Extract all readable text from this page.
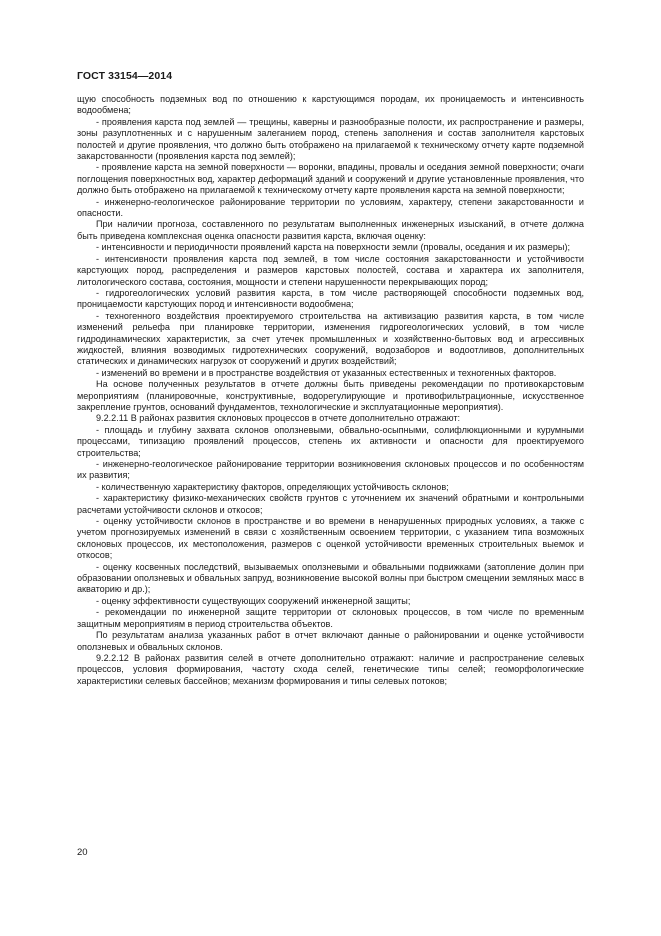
ГОСТ 33154—2014

щую способность подземных вод по отношению к карстующимся породам, их проницаемость и интенсивность водообмена;

- проявления карста под землей — трещины, каверны и разнообразные полости, их распространение и размеры, зоны разуплотненных и с нарушенным залеганием пород, степень заполнения и состав заполнителя карстовых полостей и другие проявления, что должно быть отображено на прилагаемой к техническому отчету карте подземной закарстованности (проявления карста под землей);

- проявление карста на земной поверхности — воронки, впадины, провалы и оседания земной поверхности; очаги поглощения поверхностных вод, характер деформаций зданий и сооружений и другие установленные проявления, что должно быть отображено на прилагаемой к техническому отчету карте проявления карста на земной поверхности;

- инженерно-геологическое районирование территории по условиям, характеру, степени закарстованности и опасности.

При наличии прогноза, составленного по результатам выполненных инженерных изысканий, в отчете должна быть приведена комплексная оценка опасности развития карста, включая оценку:

- интенсивности и периодичности проявлений карста на поверхности земли (провалы, оседания и их размеры);

- интенсивности проявления карста под землей, в том числе состояния закарстованности и устойчивости карстующих пород, распределения и размеров карстовых полостей, состава и характера их заполнителя, литологического состава, состояния, мощности и степени нарушенности перекрывающих пород;

- гидрогеологических условий развития карста, в том числе растворяющей способности подземных вод, проницаемости карстующих пород и интенсивности водообмена;

- техногенного воздействия проектируемого строительства на активизацию развития карста, в том числе изменений рельефа при планировке территории, изменения гидрогеологических условий, в том числе гидродинамических характеристик, за счет утечек промышленных и хозяйственно-бытовых вод и агрессивных жидкостей, влияния возводимых гидротехнических сооружений, водозаборов и водоотливов, дополнительных статических и динамических нагрузок от сооружений и других воздействий;

- изменений во времени и в пространстве воздействия от указанных естественных и техногенных факторов.

На основе полученных результатов в отчете должны быть приведены рекомендации по противокарстовым мероприятиям (планировочные, конструктивные, водорегулирующие и противофильтрационные, искусственное закрепление грунтов, оснований фундаментов, технологические и эксплуатационные мероприятия).

9.2.2.11 В районах развития склоновых процессов в отчете дополнительно отражают:

- площадь и глубину захвата склонов оползневыми, обвально-осыпными, солифлюкционными и курумными процессами, типизацию проявлений процессов, степень их активности и опасности для проектируемого строительства;

- инженерно-геологическое районирование территории возникновения склоновых процессов и по особенностям их развития;

- количественную характеристику факторов, определяющих устойчивость склонов;

- характеристику физико-механических свойств грунтов с уточнением их значений обратными и контрольными расчетами устойчивости склонов и откосов;

- оценку устойчивости склонов в пространстве и во времени в ненарушенных природных условиях, а также с учетом прогнозируемых изменений в связи с хозяйственным освоением территории, с указанием типа возможных склоновых процессов, их местоположения, размеров с оценкой устойчивости временных строительных выемок и откосов;

- оценку косвенных последствий, вызываемых оползневыми и обвальными подвижками (затопление долин при образовании оползневых и обвальных запруд, возникновение высокой волны при быстром смещении земляных масс в акваторию и др.);

- оценку эффективности существующих сооружений инженерной защиты;

- рекомендации по инженерной защите территории от склоновых процессов, в том числе по временным защитным мероприятиям в период строительства объектов.

По результатам анализа указанных работ в отчет включают данные о районировании и оценке устойчивости оползневых и обвальных склонов.

9.2.2.12 В районах развития селей в отчете дополнительно отражают: наличие и распространение селевых процессов, условия формирования, частоту схода селей, генетические типы селей; геоморфологические характеристики селевых бассейнов; механизм формирования и типы селевых потоков;

20
